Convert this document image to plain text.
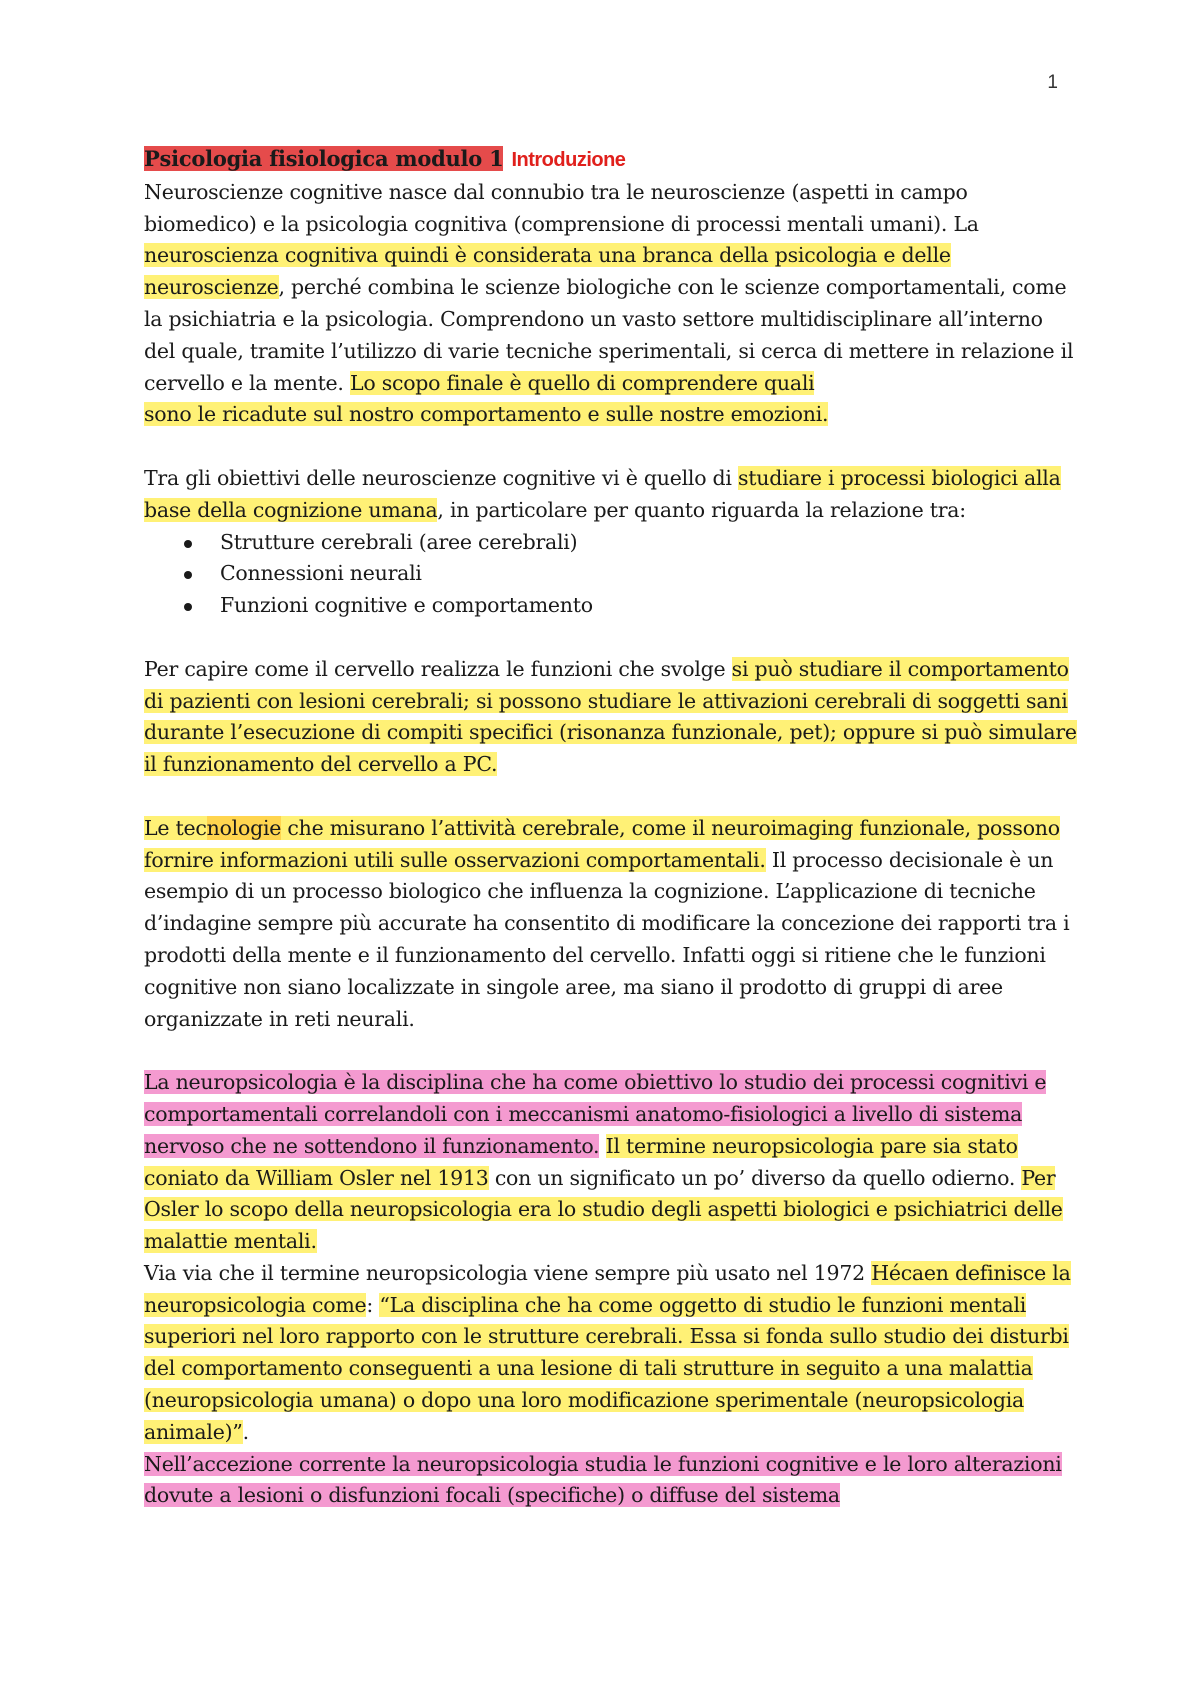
1

Psicologia fisiologica modulo 1 Introduzione

Neuroscienze cognitive nasce dal connubio tra le neuroscienze (aspetti in campo biomedico) e la psicologia cognitiva (comprensione di processi mentali umani). La neuroscienza cognitiva quindi è considerata una branca della psicologia e delle neuroscienze, perché combina le scienze biologiche con le scienze comportamentali, come la psichiatria e la psicologia. Comprendono un vasto settore multidisciplinare all’interno del quale, tramite l’utilizzo di varie tecniche sperimentali, si cerca di mettere in relazione il cervello e la mente. Lo scopo finale è quello di comprendere quali

sono le ricadute sul nostro comportamento e sulle nostre emozioni.

Tra gli obiettivi delle neuroscienze cognitive vi è quello di studiare i processi biologici alla base della cognizione umana, in particolare per quanto riguarda la relazione tra:

Strutture cerebrali (aree cerebrali)
Connessioni neurali
Funzioni cognitive e comportamento

Per capire come il cervello realizza le funzioni che svolge si può studiare il comportamento di pazienti con lesioni cerebrali; si possono studiare le attivazioni cerebrali di soggetti sani durante l’esecuzione di compiti specifici (risonanza funzionale, pet); oppure si può simulare il funzionamento del cervello a PC.

Le tecnologie che misurano l’attività cerebrale, come il neuroimaging funzionale, possono fornire informazioni utili sulle osservazioni comportamentali. Il processo decisionale è un esempio di un processo biologico che influenza la cognizione. L’applicazione di tecniche d’indagine sempre più accurate ha consentito di modificare la concezione dei rapporti tra i prodotti della mente e il funzionamento del cervello. Infatti oggi si ritiene che le funzioni cognitive non siano localizzate in singole aree, ma siano il prodotto di gruppi di aree organizzate in reti neurali.

La neuropsicologia è la disciplina che ha come obiettivo lo studio dei processi cognitivi e comportamentali correlandoli con i meccanismi anatomo-fisiologici a livello di sistema nervoso che ne sottendono il funzionamento. Il termine neuropsicologia pare sia stato coniato da William Osler nel 1913 con un significato un po’ diverso da quello odierno. Per Osler lo scopo della neuropsicologia era lo studio degli aspetti biologici e psichiatrici delle malattie mentali.

Via via che il termine neuropsicologia viene sempre più usato nel 1972 Hécaen definisce la neuropsicologia come: “La disciplina che ha come oggetto di studio le funzioni mentali superiori nel loro rapporto con le strutture cerebrali. Essa si fonda sullo studio dei disturbi del comportamento conseguenti a una lesione di tali strutture in seguito a una malattia (neuropsicologia umana) o dopo una loro modificazione sperimentale (neuropsicologia animale)”.

Nell’accezione corrente la neuropsicologia studia le funzioni cognitive e le loro alterazioni dovute a lesioni o disfunzioni focali (specifiche) o diffuse del sistema
